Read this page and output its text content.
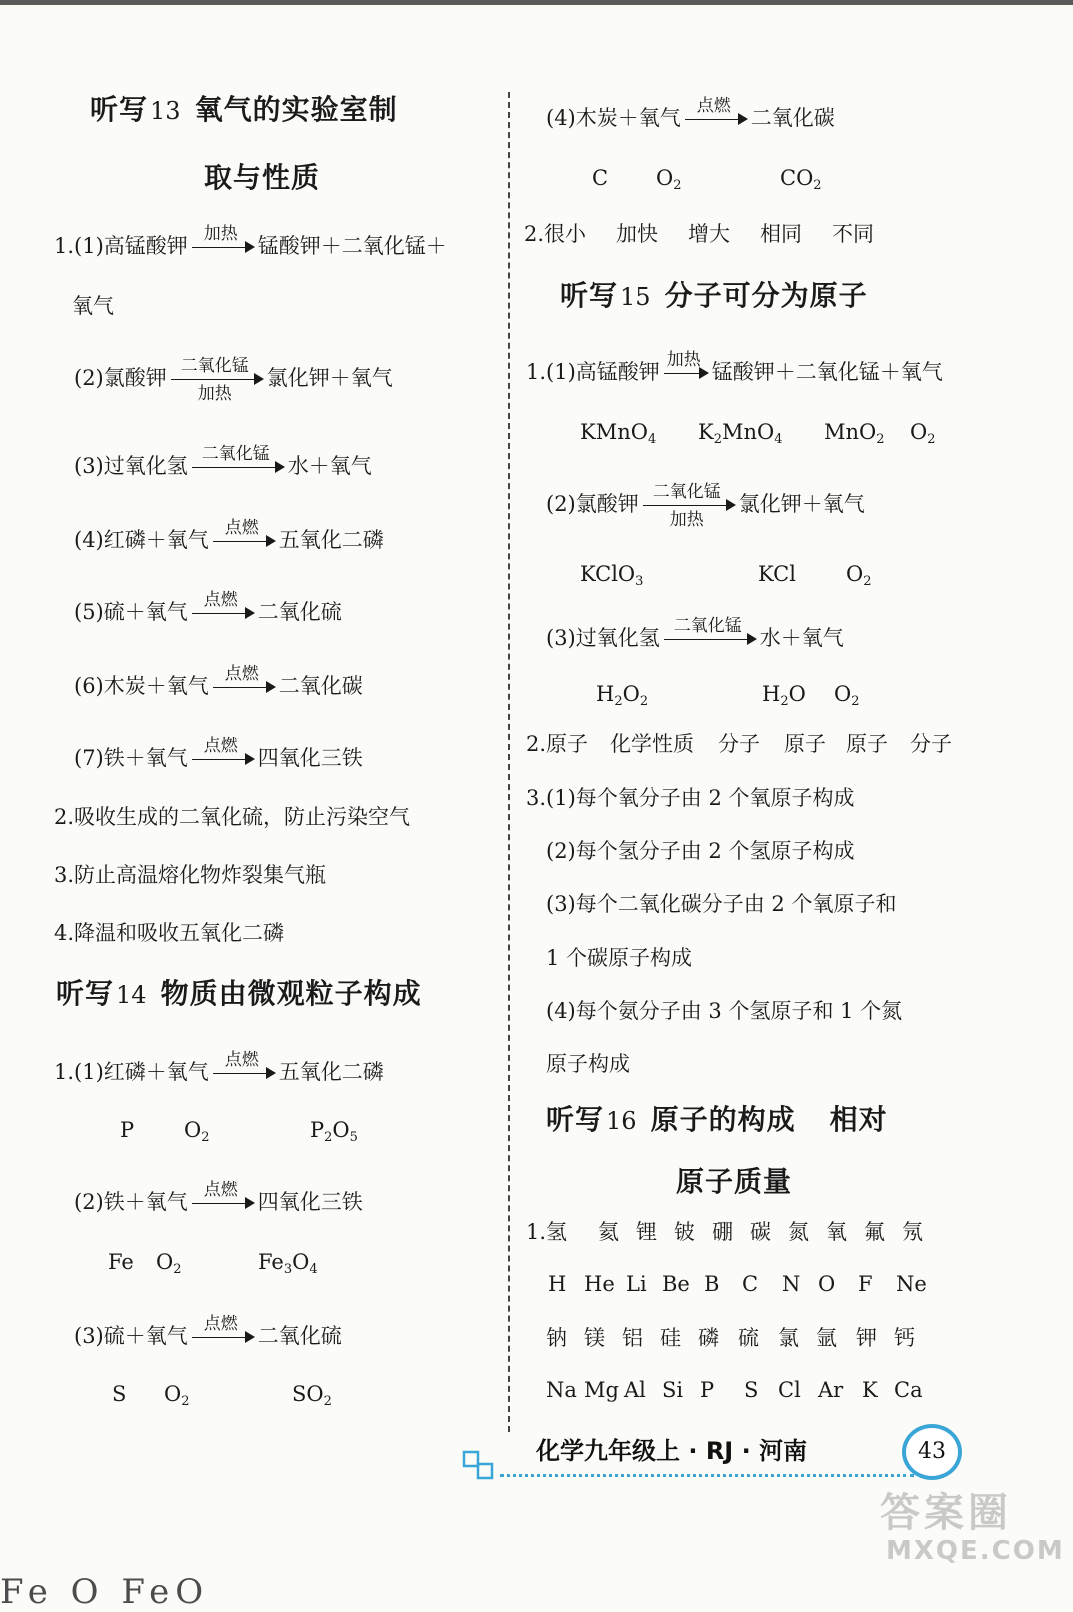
听写13 氧气的实验室制
取与性质
1.(1)高锰酸钾 加热 锰酸钾＋二氧化锰＋
氧气
(2)氯酸钾 二氧化锰
加热
氯化钾＋氧气
(3)过氧化氢 二氧化锰 水＋氧气
(4)红磷＋氧气 点燃 五氧化二磷
(5)硫＋氧气 点燃 二氧化硫
(6)木炭＋氧气 点燃 二氧化碳
(7)铁＋氧气 点燃 四氧化三铁
2.吸收生成的二氧化硫，防止污染空气
3.防止高温熔化物炸裂集气瓶
4.降温和吸收五氧化二磷
听写14 物质由微观粒子构成
1.(1)红磷＋氧气 点燃 五氧化二磷
P $O_2$	$P_2O_5$
(2)铁＋氧气 点燃 四氧化三铁
Fe $O_2$	$Fe_3O_4$
(3)硫＋氧气 点燃 二氧化硫
S $O_2$	$SO_2$
(4)木炭＋氧气 点燃 二氧化碳
C $O_2$	$CO_2$
2.很小 加快 增大 相同 不同
听写15 分子可分为原子
1.(1)高锰酸钾 加热 锰酸钾＋二氧化锰＋氧气
KMnO$_4$ $K_2MnO_4$ MnO$_2$ $O_2$
(2)氯酸钾 二氧化锰
加热
氯化钾＋氧气
KClO$_3$	KCl $O_2$
(3)过氧化氢 二氧化锰 水＋氧气
$H_2O_2$	$H_2O$ $O_2$
2.原子 化学性质 分子 原子 原子 分子
3.(1)每个氧分子由 2 个氧原子构成
(2)每个氢分子由 2 个氢原子构成
(3)每个二氧化碳分子由 2 个氧原子和
1 个碳原子构成
(4)每个氨分子由 3 个氢原子和 1 个氮
原子构成
听写16 原子的构成 相对
原子质量
1.氢 氦 锂 铍 硼 碳 氮 氧 氟 氖
H He Li Be B C N O F Ne
钠 镁 铝 硅 磷 硫 氯 氩 钾 钙
Na Mg Al Si P S Cl Ar K Ca
化学九年级上 · RJ · 河南	43
答案圈
MXQE.COM
Fe O FeO
